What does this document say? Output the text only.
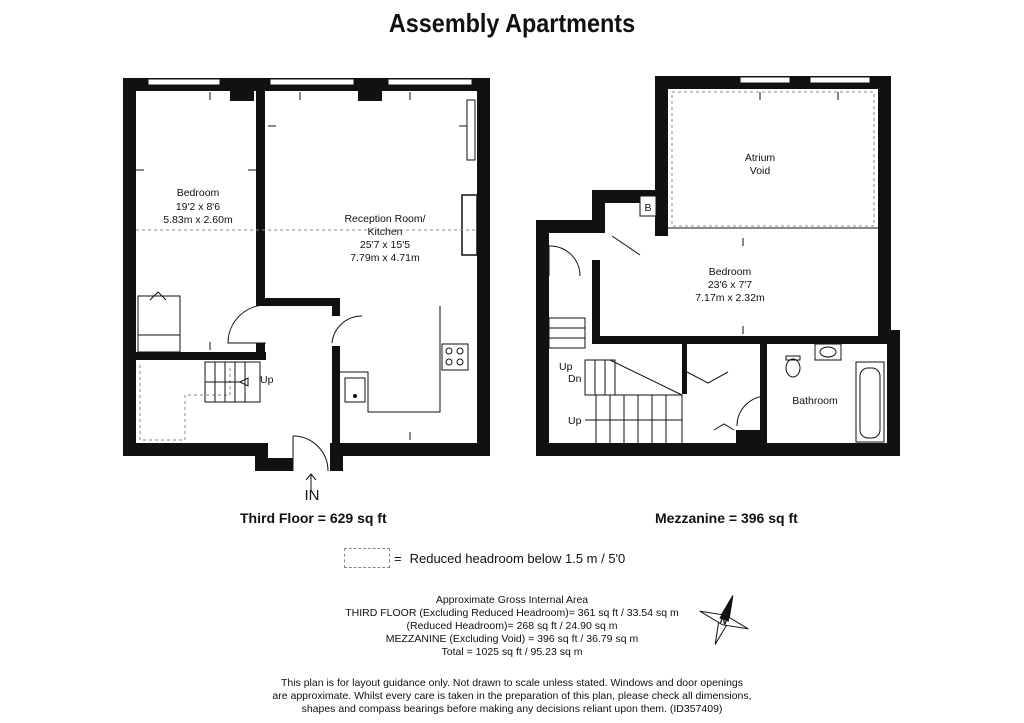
Assembly Apartments
Bedroom
19'2 x 8'6
5.83m x 2.60m	Reception Room/
Kitchen
25'7 x 15'5
7.79m x 4.71m
Atrium
Void
Bedroom
23'6 x 7'7
7.17m x 2.32m
Bathroom
Up
Up
Dn
Up
B
IN
Third Floor = 629 sq ft	Mezzanine = 396 sq ft
= Reduced headroom below 1.5 m / 5'0
Approximate Gross Internal Area
THIRD FLOOR (Excluding Reduced Headroom)= 361 sq ft / 33.54 sq m
(Reduced Headroom)= 268 sq ft / 24.90 sq m
MEZZANINE (Excluding Void) = 396 sq ft / 36.79 sq m
Total = 1025 sq ft / 95.23 sq m
This plan is for layout guidance only. Not drawn to scale unless stated. Windows and door openings
are approximate. Whilst every care is taken in the preparation of this plan, please check all dimensions,
shapes and compass bearings before making any decisions reliant upon them. (ID357409)
N
